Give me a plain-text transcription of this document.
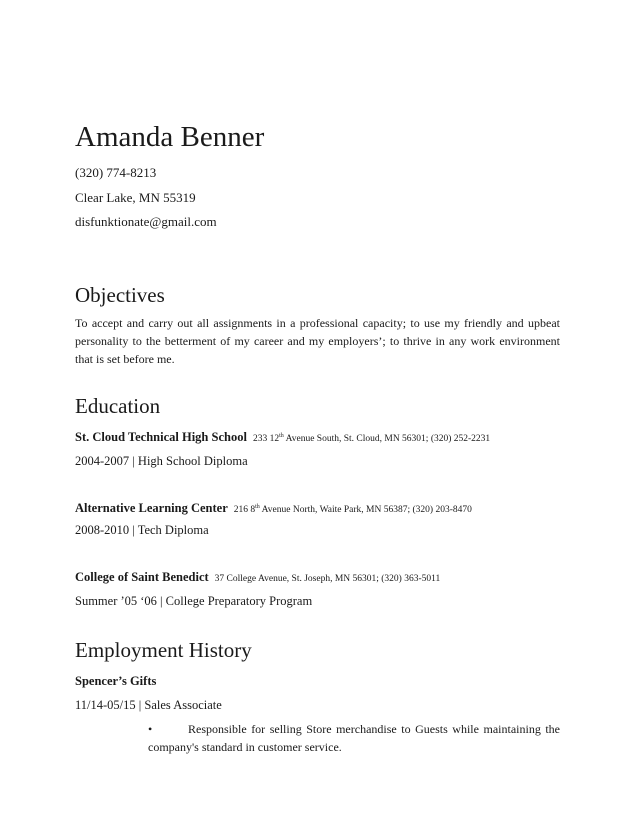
Amanda Benner

(320) 774-8213

Clear Lake, MN 55319

disfunktionate@gmail.com

Objectives

To accept and carry out all assignments in a professional capacity; to use my friendly and upbeat personality to the betterment of my career and my employers’; to thrive in any work environment that is set before me.

Education

St. Cloud Technical High School 233 12th Avenue South, St. Cloud, MN 56301; (320) 252-2231

2004-2007 | High School Diploma

Alternative Learning Center 216 8th Avenue North, Waite Park, MN 56387; (320) 203-8470

2008-2010 | Tech Diploma

College of Saint Benedict 37 College Avenue, St. Joseph, MN 56301; (320) 363-5011

Summer ’05 ‘06 | College Preparatory Program

Employment History

Spencer’s Gifts

11/14-05/15 | Sales Associate

•	Responsible for selling Store merchandise to Guests while maintaining the company's standard in customer service.
